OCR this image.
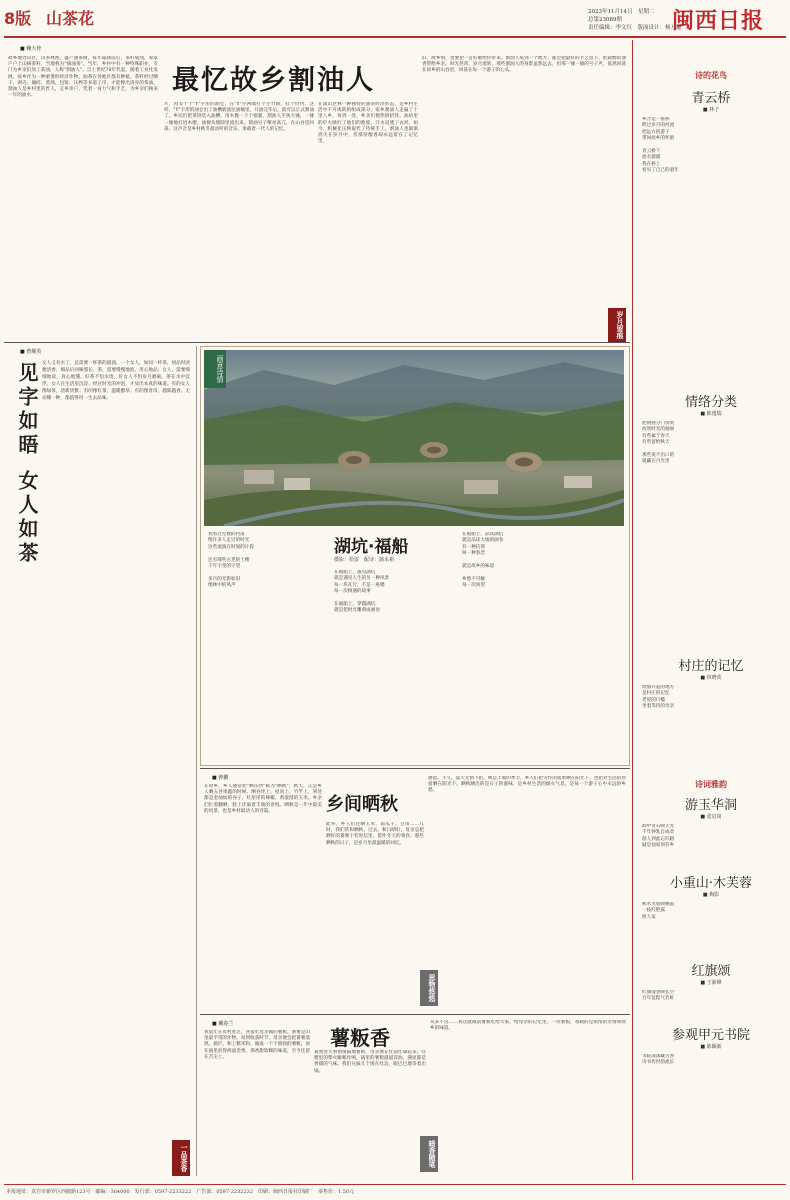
8版 山茶花	2023年11月14日　星期二
总第23089期
责任编辑：李文红　版面设计：杨万磊
闽西日报
■ 赖大骨
故乡地处山区，山多林密，盛产油茶树。每年霜降前后，茶籽成熟，家家户户上山摘茶籽，当地称为"摘油茶"。当年，乡村中有一种特殊职业，专门为乡亲们加工茶油，人称"割油人"。自上世纪70年代起，随着工业化发展，故乡作为一种重要的经济作物，油茶在各地区都有种植。茶籽经过晒干、剥壳、碾碎、蒸熟、包饼、压榨等多道工序，才能榨出清亮的茶油。割油人是乡村里的匠人，走乡串户，凭着一身力气和手艺，为乡亲们换来一年的油水。	最忆故乡割油人
片，再等十个"Y"字形的油仓，在"Y"字两端打个小竹洞，挂个铃铛。这样，"Y"字形的油仓出了油槽就流往油桶里。开油完毕后，就可以正式割油了。乡民们把茶饼装入油槽，用木楔一个个塞紧，割油人手执大锤，一锤一锤地打进木楔，油便从缝隙里流出来。割油号子嘹亮高亢，在山谷里回荡。这声音是乡村秋冬最动听的音乐，承载着一代人的记忆。
在深山老林一种独特的油茶经济形态，是乡村生活中不可或缺的组成部分。家乡割油人走遍了十里八乡，每到一处，乡亲们便热情招待。油坊里的炉火映红了他们的脸庞，汗水浸透了衣衫。如今，机械化压榨取代了传统手工，割油人也渐渐消失在岁月中，但那份醇香却永远留在了记忆里。
旧，故乡情，也要把一首好歌给你带来。割油人每到一个地方，都会把最好的手艺留下，把最醇的油香带给乡亲。时光荏苒，岁月流转，那些割油人的身影虽然远去，但那一锤一锤的号子声，依然回荡在故乡的山谷里，回荡在每一个游子的心头。
岁月留痕
诗的花鸟
青云桥
■ 林子
乡音是一座桥
跨过岁月的河流
把远方的游子
带回故乡的怀抱

青云桥下
流水潺潺
我在桥上
看见了自己的童年
情络分类
■ 陈逸瑞
把情感分门别类
放进时光的抽屉
有些属于春天
有些留给秋天

那些说不出口的
就藏在月光里
村庄的记忆
■ 林晓英
炊烟升起的地方
是村庄的记忆
老屋的门槛
坐着等待的母亲
诗词雅韵
游玉华洞
■ 张启周
洞中奇石映天光
千年钟乳自成章
游人到此忘归路
疑是仙家别有乡
小重山·木芙蓉
■ 梅影
秋水芙蓉映晚霞
一枝红艳露
照人家
红旗颂
■ 王新峰
红旗漫卷映长空
百年征程气若虹
参观甲元书院
■ 陈颖新
书院深深藏古香
诗书传世韵流长
■ 曾顺英
见字如晤
女人如茶
女人又名水了，总需要一杯茶的滋润。一个女人，如同一杯茶，初品时淡雅清香，细品后回味悠长。茶，需要慢慢地泡，用心地品；女人，需要细细地读，真心地懂。好茶不怕水烫，好女人不怕岁月磨砺。茶在水中沉浮，女人在生活里沉淀，经过时光的冲泡，才显出本真的味道。有的女人像绿茶，清新淡雅；有的像红茶，温暖醇厚；有的像普洱，越陈越香。无论哪一种，都值得用一生去品味。
一品茶香
画意诗情
我看过无数的村落
像许多人走过的时光
这些流淌在时间的片段

还有那些古老的土楼
千年不变的守望

多月的光影如旧
像林中的风声
湖坑·福船
摄影：拾雷　配诗：蒲永祖
在福船上，遇见湖坑
就是遇见人生的另一种风景
每一块瓦片，不是一座楼
每一次相遇的故事

在福船上，穿越湖坑
就是把时光雕刻成画卷
在福船上，品读湖坑
就是品读大地的画卷
有一种信仰
叫一种眷恋

就是故乡的味道

乡愁不可触
每一次回望
■ 钟鹏
在故乡，乡人通常把"晒东西"称为"晒秋"，秋天，正是乡人晒五谷果蔬的时候。晒谷坪上、屋顶上、竹竿上，到处都是金灿灿的谷子、红彤彤的辣椒、黄澄澄的玉米。乡亲们忙着翻晒，脸上洋溢着丰收的喜悦。晒秋是一年中最美的风景，也是乡村最动人的诗篇。	乡间晒秋
此外，乡人们还晒玉米、南瓜干、豆角……儿时，我们常和晒秋。过去，秋日晴好，母亲总把晒好的番薯干装进坛里，留作冬天的零食。那些晒秋的日子，是岁月里最温暖的回忆。
感恩。不久，夏天无情下把，秋是丰收的季节，乡人们把劳作的成果晒在阳光下，也把对生活的热爱晒在阳光下。晒秋晒出的是日子的滋味，是乡村生活的烟火气息，是每一个游子心中永远的乡愁。
思物悠悠
■ 戴春兰
我童年在农村度过，喜爱吃母亲做的薯粄。番薯是山里最平常的作物，每到收获时节，母亲便会把番薯蒸熟、捣烂，和上糯米粉，做成一个个圆圆的薯粄，放在锅里煎得两面金黄。那香甜软糯的味道，至今还留在舌尖上。
薯粄香
葛然处大事情情隔地薯粄，母亲便在灶前忙碌起来。灶膛里的柴火噼啪作响，锅里的薯粄滋滋冒油，满屋都是香甜的气味。我们兄妹几个围在灶边，眼巴巴地等着出锅。
从来不这……我这就做前薯粄吃给大家，给母亲的记忆里，一块薯粄，承载的是浓浓的亲情和故乡的味道。
暗香随笔
本报地址：龙岩市新罗区西陂路123号　邮编：364000　发行部：0597-2233222　广告部：0597-2232232　印刷：闽西日报社印刷厂　零售价：1.50元
